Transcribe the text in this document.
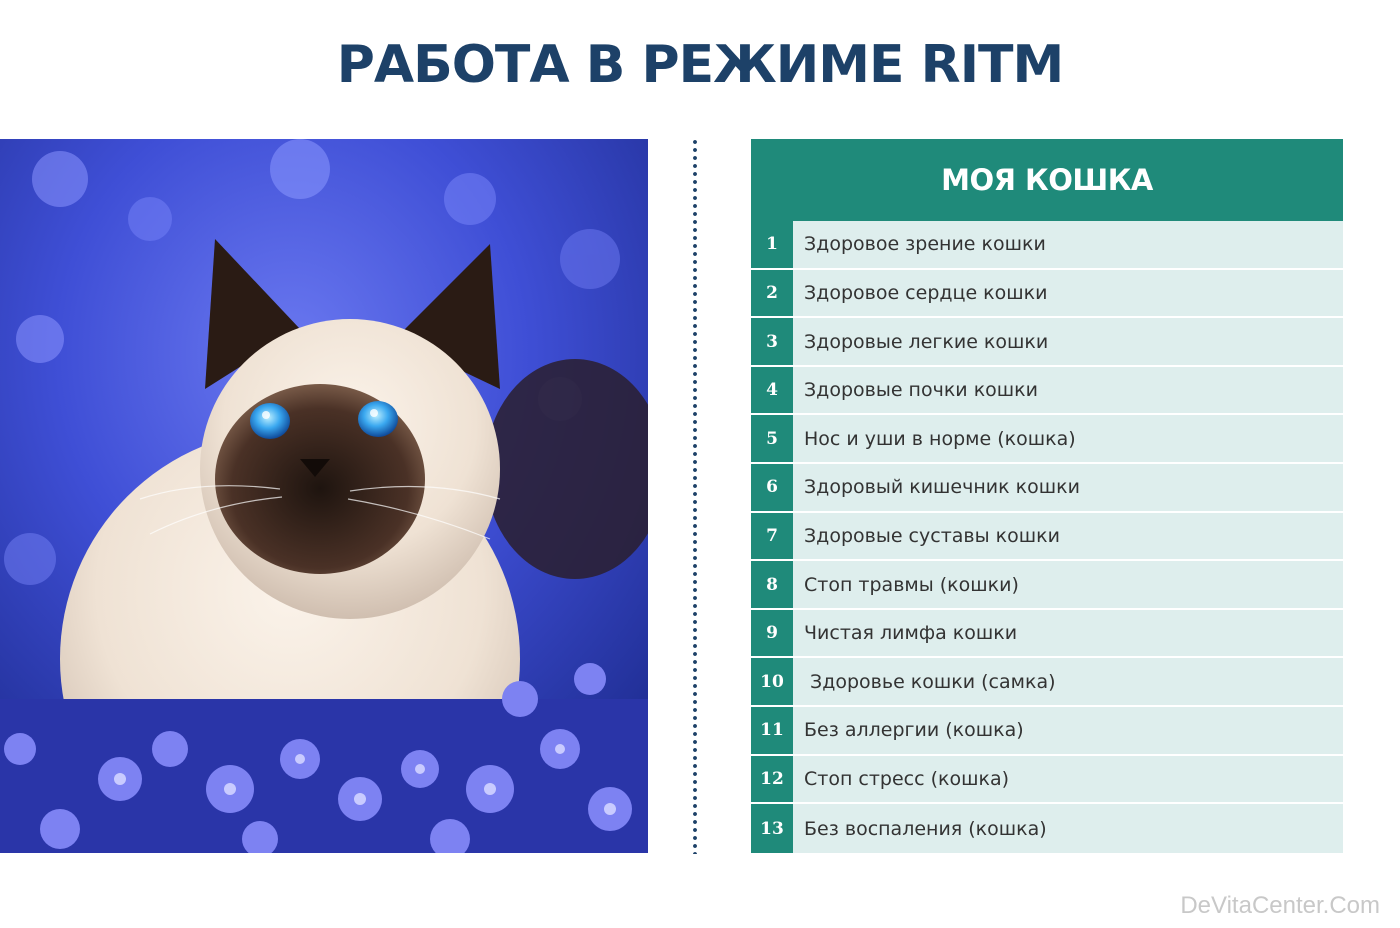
РАБОТА В РЕЖИМЕ RITM
МОЯ КОШКА
1	Здоровое зрение кошки
2	Здоровое сердце кошки
3	Здоровые легкие кошки
4	Здоровые почки кошки
5	Нос и уши в норме (кошка)
6	Здоровый кишечник кошки
7	Здоровые суставы кошки
8	Стоп травмы (кошки)
9	Чистая лимфа кошки
10	Здоровье кошки (самка)
11	Без аллергии (кошка)
12	Стоп стресс (кошка)
13	Без воспаления (кошка)
DeVitaCenter.Com
